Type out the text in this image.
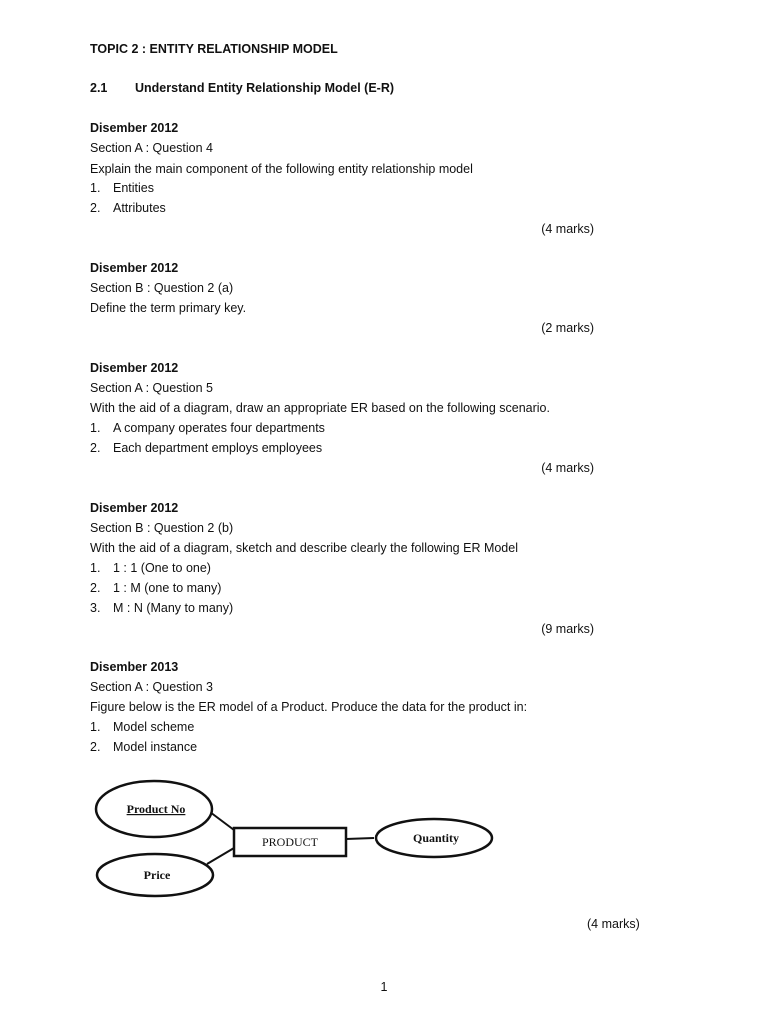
TOPIC 2 : ENTITY RELATIONSHIP MODEL
2.1 Understand Entity Relationship Model (E-R)
Disember 2012
Section A : Question 4
Explain the main component of the following entity relationship model
1. Entities
2. Attributes
(4 marks)
Disember 2012
Section B : Question 2 (a)
Define the term primary key.
(2 marks)
Disember 2012
Section A : Question 5
With the aid of a diagram, draw an appropriate ER based on the following scenario.
1. A company operates four departments
2. Each department employs employees
(4 marks)
Disember 2012
Section B : Question 2 (b)
With the aid of a diagram, sketch and describe clearly the following ER Model
1. 1 : 1 (One to one)
2. 1 : M (one to many)
3. M : N (Many to many)
(9 marks)
Disember 2013
Section A : Question 3
Figure below is the ER model of a Product. Produce the data for the product in:
1. Model scheme
2. Model instance
Product No
PRODUCT
Price
Quantity
(4 marks)
1
